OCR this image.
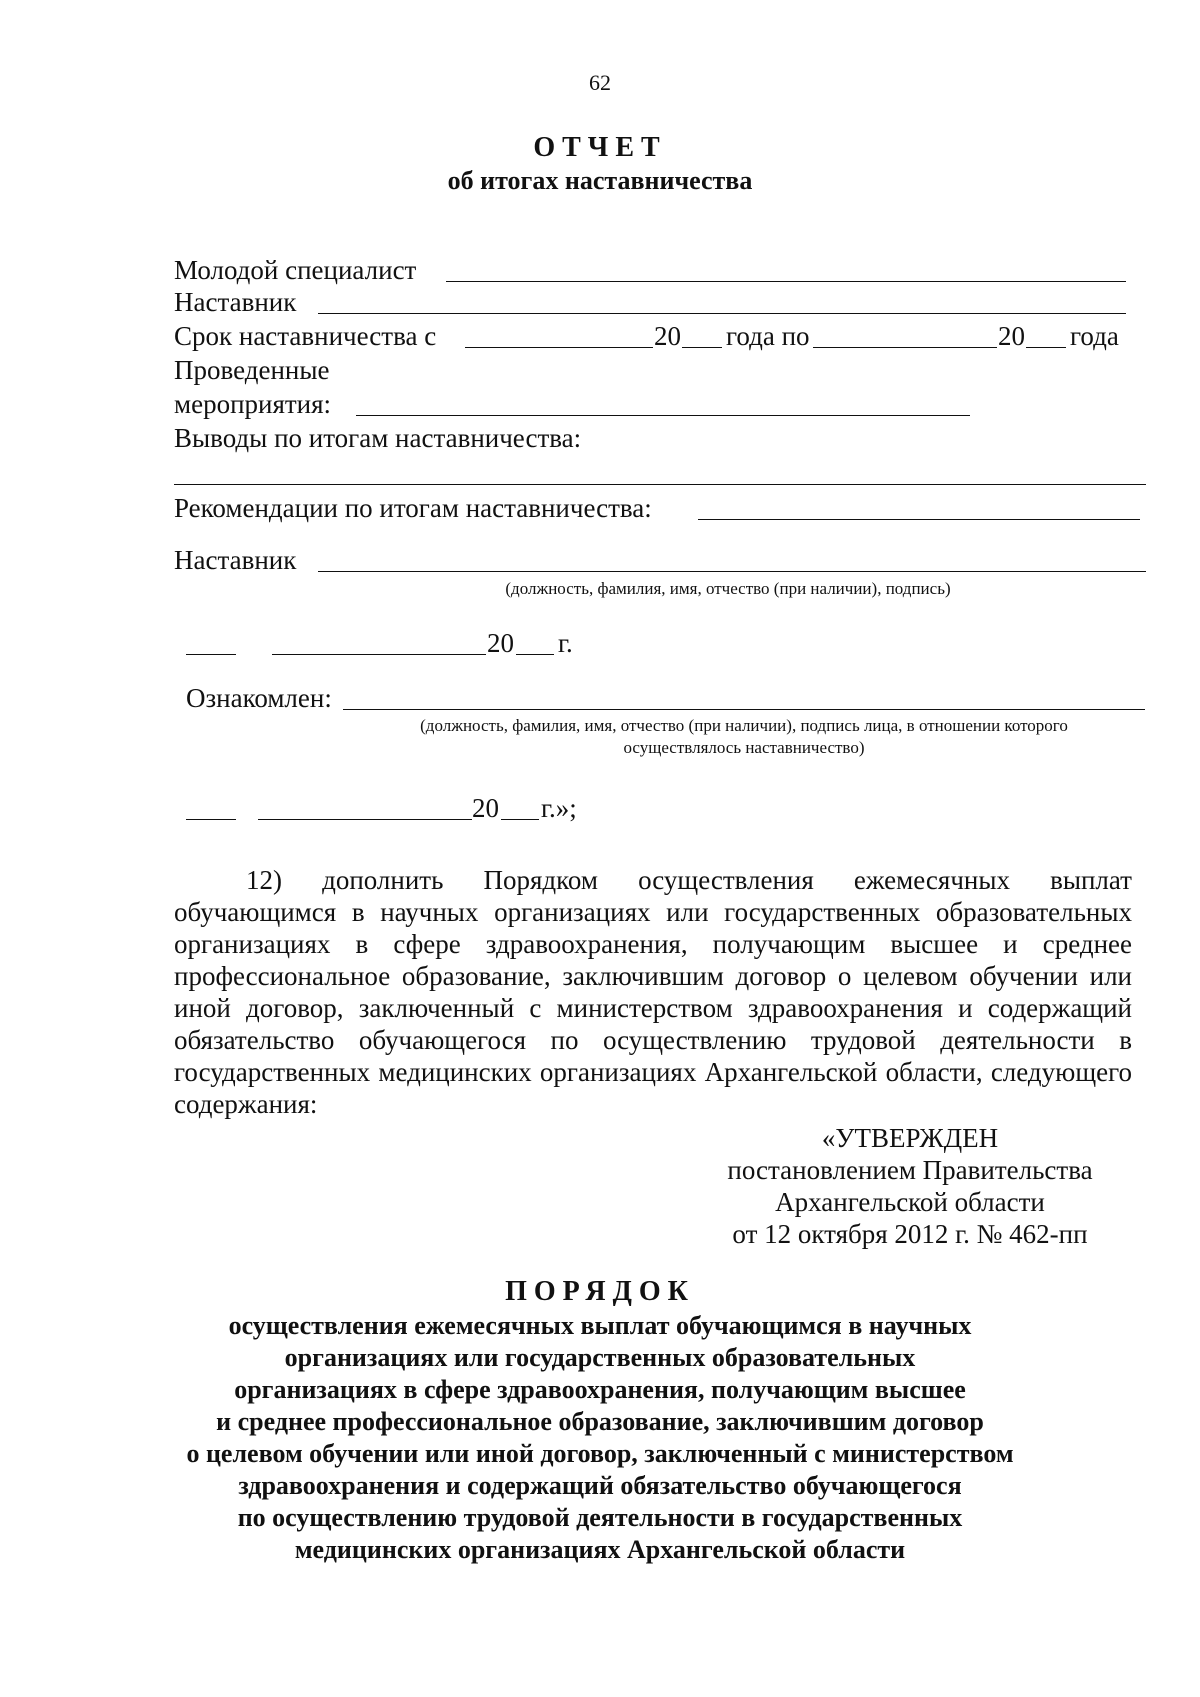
62
ОТЧЕТ
об итогах наставничества
Молодой специалист
Наставник
Срок наставничества с	20 года по	20 года
Проведенные
мероприятия:
Выводы по итогам наставничества:
Рекомендации по итогам наставничества:
Наставник
(должность, фамилия, имя, отчество (при наличии), подпись)
20 г.
Ознакомлен:
(должность, фамилия, имя, отчество (при наличии), подпись лица, в отношении которого
осуществлялось наставничество)
20 г.»;
12) дополнить Порядком осуществления ежемесячных выплат обучающимся в научных организациях или государственных образовательных организациях в сфере здравоохранения, получающим высшее и среднее профессиональное образование, заключившим договор о целевом обучении или иной договор, заключенный с министерством здравоохранения и содержащий обязательство обучающегося по осуществлению трудовой деятельности в государственных медицинских организациях Архангельской области, следующего содержания:
«УТВЕРЖДЕН
постановлением Правительства
Архангельской области
от 12 октября 2012 г. № 462-пп
ПОРЯДОК
осуществления ежемесячных выплат обучающимся в научных
организациях или государственных образовательных
организациях в сфере здравоохранения, получающим высшее
и среднее профессиональное образование, заключившим договор
о целевом обучении или иной договор, заключенный с министерством
здравоохранения и содержащий обязательство обучающегося
по осуществлению трудовой деятельности в государственных
медицинских организациях Архангельской области
